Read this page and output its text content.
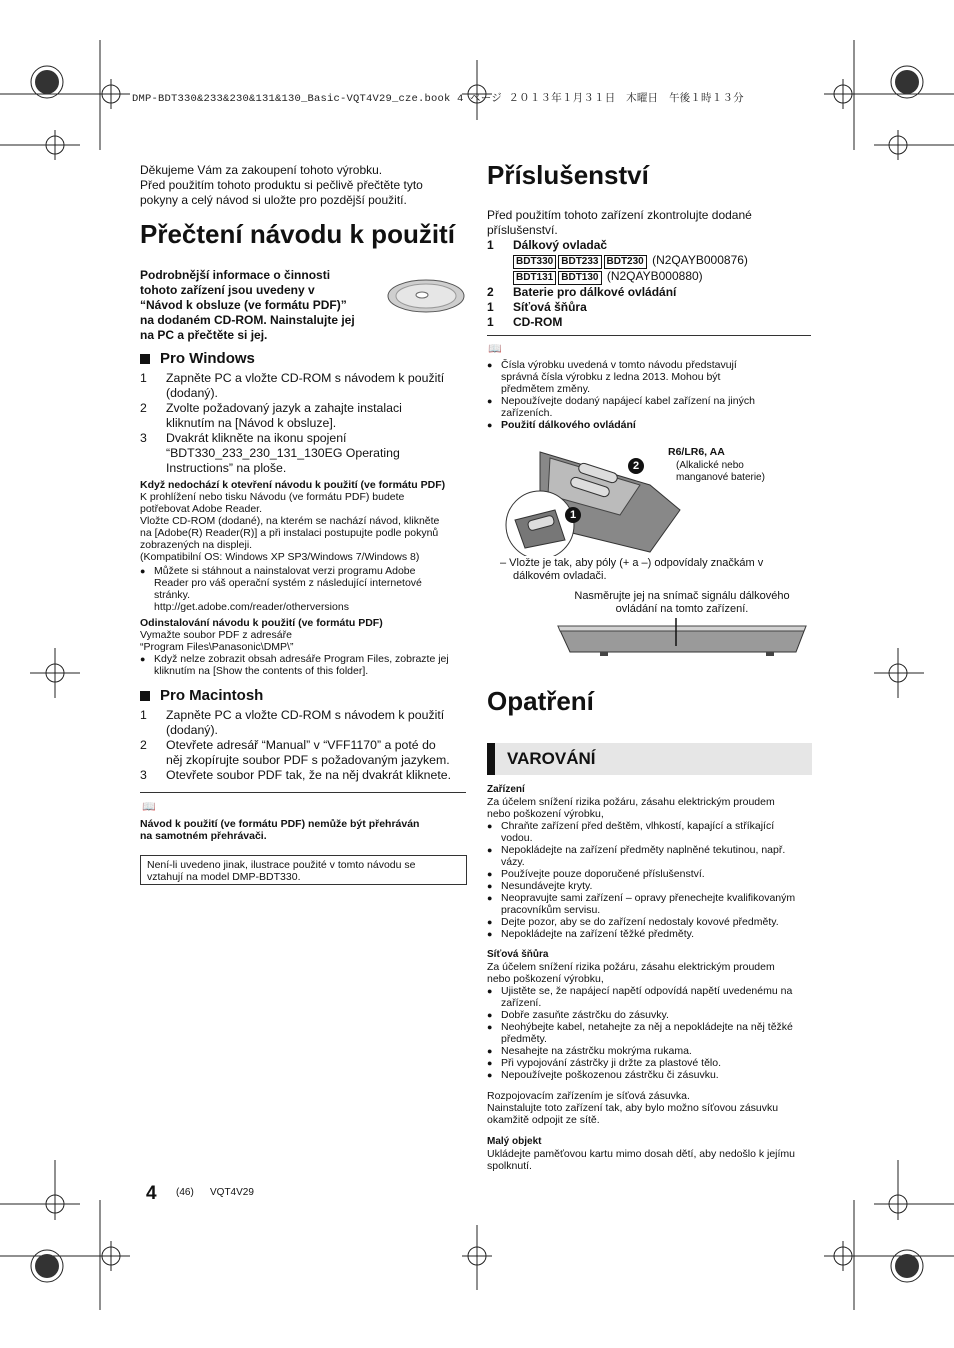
DMP-BDT330&233&230&131&130_Basic-VQT4V29_cze.book 4 ページ ２０１３年１月３１日　木曜日　午後１時１３分
Děkujeme Vám za zakoupení tohoto výrobku.
Před použitím tohoto produktu si pečlivě přečtěte tyto
pokyny a celý návod si uložte pro pozdější použití.
Přečtení návodu k použití
Podrobnější informace o činnosti
tohoto zařízení jsou uvedeny v
“Návod k obsluze (ve formátu PDF)”
na dodaném CD-ROM. Nainstalujte jej
na PC a přečtěte si jej.
Pro Windows
1	Zapněte PC a vložte CD-ROM s návodem k použití
(dodaný).
2	Zvolte požadovaný jazyk a zahajte instalaci
kliknutím na [Návod k obsluze].
3	Dvakrát klikněte na ikonu spojení
“BDT330_233_230_131_130EG Operating
Instructions” na ploše.
Když nedochází k otevření návodu k použití (ve formátu PDF)
K prohlížení nebo tisku Návodu (ve formátu PDF) budete
potřebovat Adobe Reader.
Vložte CD-ROM (dodané), na kterém se nachází návod, klikněte
na [Adobe(R) Reader(R)] a při instalaci postupujte podle pokynů
zobrazených na displeji.
(Kompatibilní OS: Windows XP SP3/Windows 7/Windows 8)
● Můžete si stáhnout a nainstalovat verzi programu Adobe
Reader pro váš operační systém z následující internetové
stránky.
http://get.adobe.com/reader/otherversions
Odinstalování návodu k použití (ve formátu PDF)
Vymažte soubor PDF z adresáře
“Program Files\Panasonic\DMP\”
● Když nelze zobrazit obsah adresáře Program Files, zobrazte jej
kliknutím na [Show the contents of this folder].
Pro Macintosh
1	Zapněte PC a vložte CD-ROM s návodem k použití
(dodaný).
2	Otevřete adresář “Manual” v “VFF1170” a poté do
něj zkopírujte soubor PDF s požadovaným jazykem.
3	Otevřete soubor PDF tak, že na něj dvakrát kliknete.
📖
Návod k použití (ve formátu PDF) nemůže být přehráván
na samotném přehrávači.
Není-li uvedeno jinak, ilustrace použité v tomto návodu se
vztahují na model DMP-BDT330.
Příslušenství
Před použitím tohoto zařízení zkontrolujte dodané
příslušenství.
1	Dálkový ovladač
BDT330 BDT233 BDT230 (N2QAYB000876)
BDT131 BDT130 (N2QAYB000880)
2	Baterie pro dálkové ovládání
1	Síťová šňůra
1	CD-ROM
📖
● Čísla výrobku uvedená v tomto návodu představují
správná čísla výrobku z ledna 2013. Mohou být
předmětem změny.
● Nepoužívejte dodaný napájecí kabel zařízení na jiných
zařízeních.
● Použití dálkového ovládání
2
1
R6/LR6, AA
(Alkalické nebo
manganové baterie)
– Vložte je tak, aby póly (+ a –) odpovídaly značkám v
dálkovém ovladači.
Nasměrujte jej na snímač signálu dálkového
ovládání na tomto zařízení.
Opatření
VAROVÁNÍ
Zařízení
Za účelem snížení rizika požáru, zásahu elektrickým proudem
nebo poškození výrobku,
● Chraňte zařízení před deštěm, vlhkostí, kapající a stříkající
vodou.
● Nepokládejte na zařízení předměty naplněné tekutinou, např.
vázy.
● Používejte pouze doporučené příslušenství.
● Nesundávejte kryty.
● Neopravujte sami zařízení – opravy přenechejte kvalifikovaným
pracovníkům servisu.
● Dejte pozor, aby se do zařízení nedostaly kovové předměty.
● Nepokládejte na zařízení těžké předměty.
Síťová šňůra
Za účelem snížení rizika požáru, zásahu elektrickým proudem
nebo poškození výrobku,
● Ujistěte se, že napájecí napětí odpovídá napětí uvedenému na
zařízení.
● Dobře zasuňte zástrčku do zásuvky.
● Neohýbejte kabel, netahejte za něj a nepokládejte na něj těžké
předměty.
● Nesahejte na zástrčku mokrýma rukama.
● Při vypojování zástrčky ji držte za plastové tělo.
● Nepoužívejte poškozenou zástrčku či zásuvku.
Rozpojovacím zařízením je síťová zásuvka.
Nainstalujte toto zařízení tak, aby bylo možno síťovou zásuvku
okamžitě odpojit ze sítě.
Malý objekt
Ukládejte paměťovou kartu mimo dosah dětí, aby nedošlo k jejímu
spolknutí.
4 (46) VQT4V29
